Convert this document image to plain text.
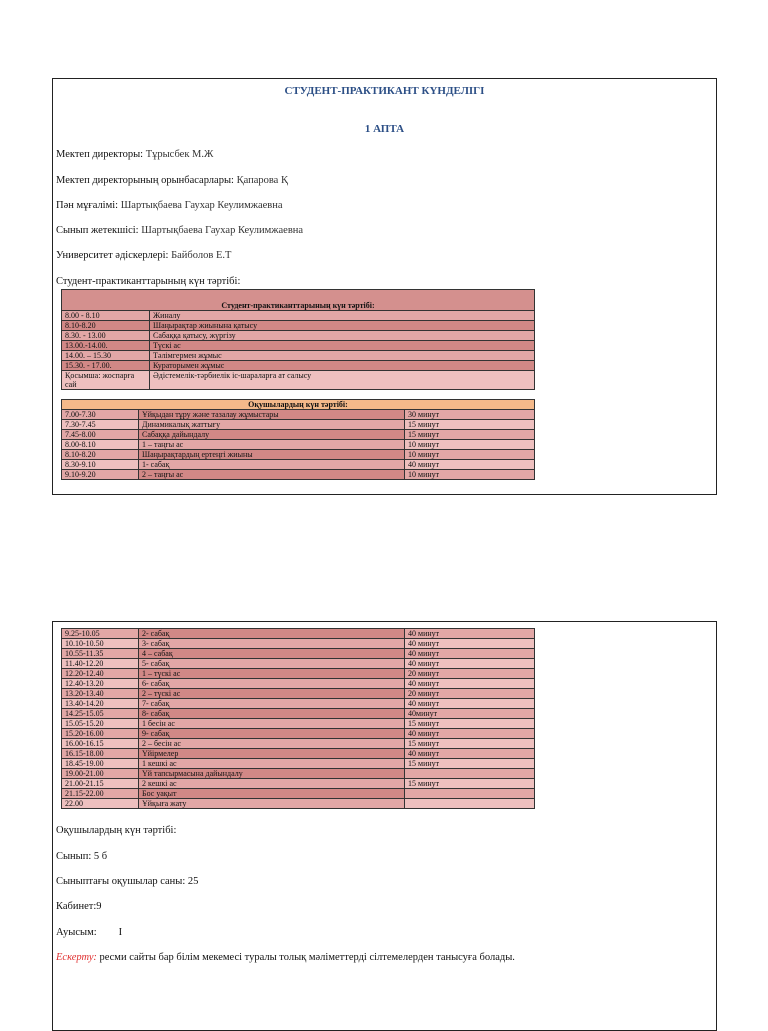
СТУДЕНТ-ПРАКТИКАНТ КҮНДЕЛІГІ
1 АПТА
Мектеп директоры: Тұрысбек М.Ж
Мектеп директорының орынбасарлары: Қапарова Қ
Пән мұғалімі: Шартықбаева Гаухар Кеулимжаевна
Сынып жетекшісі: Шартықбаева Гаухар Кеулимжаевна
Университет әдіскерлері: Байболов Е.Т
Студент-практиканттарының күн тәртібі:
Студент-практиканттарының күн тәртібі:	
8.00 - 8.10	Жиналу
8.10-8.20	Шаңырақтар жиынына қатысу
8.30. - 13.00	Сабаққа қатысу, жүргізу
13.00.-14.00.	Түскі ас
14.00. – 15.30	Тәлімгермен жұмыс
15.30. - 17.00.	Кураторымен жұмыс
Қосымша: жоспарға сай	Әдістемелік-тәрбиелік іс-шараларға ат салысу
Оқушылардың күн тәртібі:		
7.00-7.30	Ұйқыдан тұру және тазалау жұмыстары	30 минут
7.30-7.45	Динамикалық жаттығу	15 минут
7.45-8.00	Сабаққа дайындалу	15 минут
8.00-8.10	1 – таңғы ас	10 минут
8.10-8.20	Шаңырақтардың ертеңгі жиыны	10 минут
8.30-9.10	1- сабақ	40 минут
9.10-9.20	2 – таңғы ас	10 минут
9.25-10.05	2- сабақ	40 минут
10.10-10.50	3- сабақ	40 минут
10.55-11.35	4 – сабақ	40 минут
11.40-12.20	5- сабақ	40 минут
12.20-12.40	1 – түскі ас	20 минут
12.40-13.20	6- сабақ	40 минут
13.20-13.40	2 – түскі ас	20 минут
13.40-14.20	7- сабақ	40 минут
14.25-15.05	8- сабақ	40минут
15.05-15.20	1 бесін ас	15 минут
15.20-16.00	9- сабақ	40 минут
16.00-16.15	2 – бесін ас	15 минут
16.15-18.00	Үйірмелер	40 минут
18.45-19.00	1 кешкі ас	15 минут
19.00-21.00	Үй тапсырмасына дайындалу	
21.00-21.15	2 кешкі ас	15 минут
21.15-22.00	Бос уақыт	
22.00	Ұйқыға жату	
Оқушылардың күн тәртібі:
Сынып: 5 б
Сыныптағы оқушылар саны: 25
Кабинет:9
Ауысым: I
Ескерту: ресми сайты бар білім мекемесі туралы толық мәліметтерді сілтемелерден танысуға болады.
